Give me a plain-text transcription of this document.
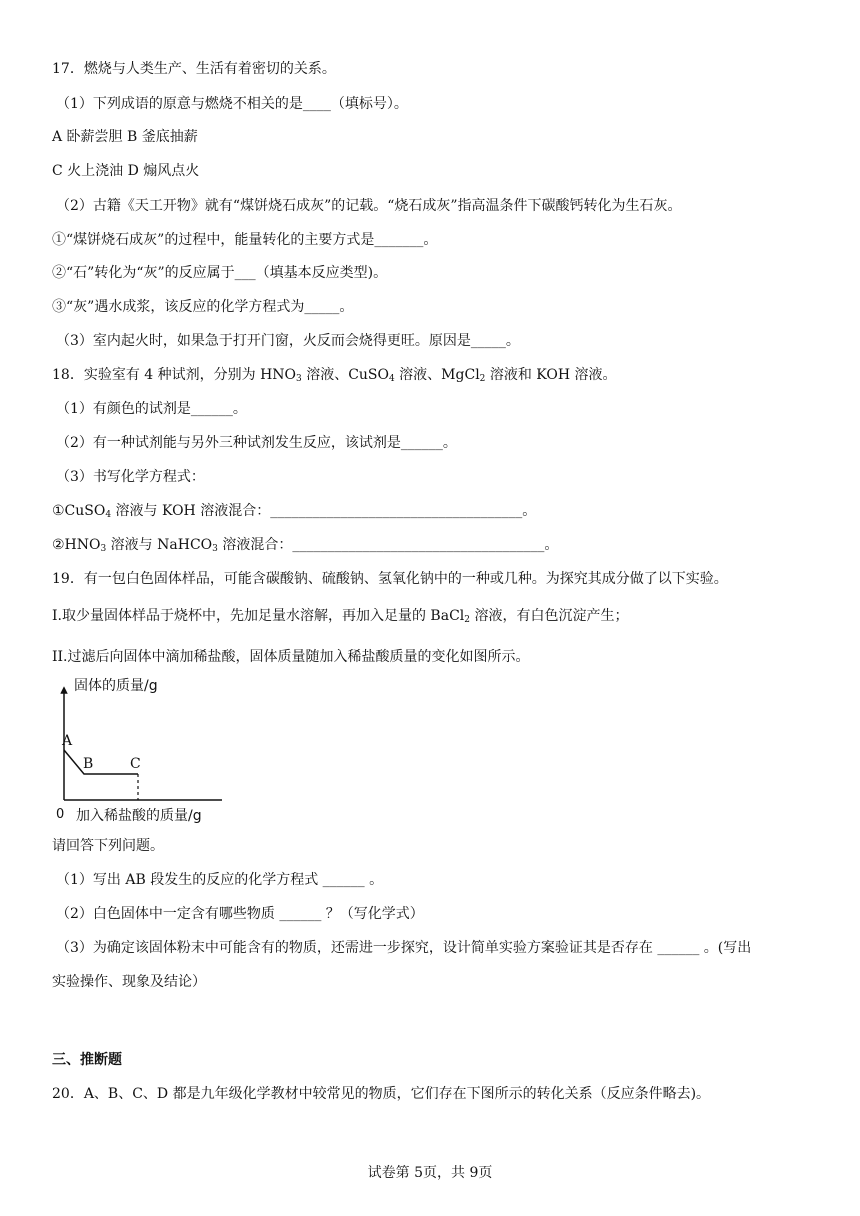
17．燃烧与人类生产、生活有着密切的关系。
（1）下列成语的原意与燃烧不相关的是____（填标号）。
A 卧薪尝胆 B 釜底抽薪
C 火上浇油 D 煽风点火
（2）古籍《天工开物》就有“煤饼烧石成灰”的记载。“烧石成灰”指高温条件下碳酸钙转化为生石灰。
①“煤饼烧石成灰”的过程中，能量转化的主要方式是_______。
②“石”转化为“灰”的反应属于___（填基本反应类型)。
③“灰”遇水成浆，该反应的化学方程式为_____。
（3）室内起火时，如果急于打开门窗，火反而会烧得更旺。原因是_____。
18．实验室有 4 种试剂，分别为 $HNO_3$ 溶液、CuSO$_4$ 溶液、MgCl$_2$ 溶液和 KOH 溶液。
（1）有颜色的试剂是______。
（2）有一种试剂能与另外三种试剂发生反应，该试剂是______。
（3）书写化学方程式：
①CuSO$_4$ 溶液与 KOH 溶液混合：____________________________________。
$②HNO_3$ 溶液与 NaHCO$_3$ 溶液混合：____________________________________。
19．有一包白色固体样品，可能含碳酸钠、硫酸钠、氢氧化钠中的一种或几种。为探究其成分做了以下实验。
I.取少量固体样品于烧杯中，先加足量水溶解，再加入足量的 BaCl$_2$ 溶液，有白色沉淀产生；
II.过滤后向固体中滴加稀盐酸，固体质量随加入稀盐酸质量的变化如图所示。
固体的质量/g
A
B	C
0 加入稀盐酸的质量/g
请回答下列问题。
（1）写出 AB 段发生的反应的化学方程式 ______ 。
（2）白色固体中一定含有哪些物质 ______ ？（写化学式）
（3）为确定该固体粉末中可能含有的物质，还需进一步探究，设计简单实验方案验证其是否存在 ______ 。(写出
实验操作、现象及结论）
三、推断题
20．A、B、C、D 都是九年级化学教材中较常见的物质，它们存在下图所示的转化关系（反应条件略去)。
试卷第 5页，共 9页
